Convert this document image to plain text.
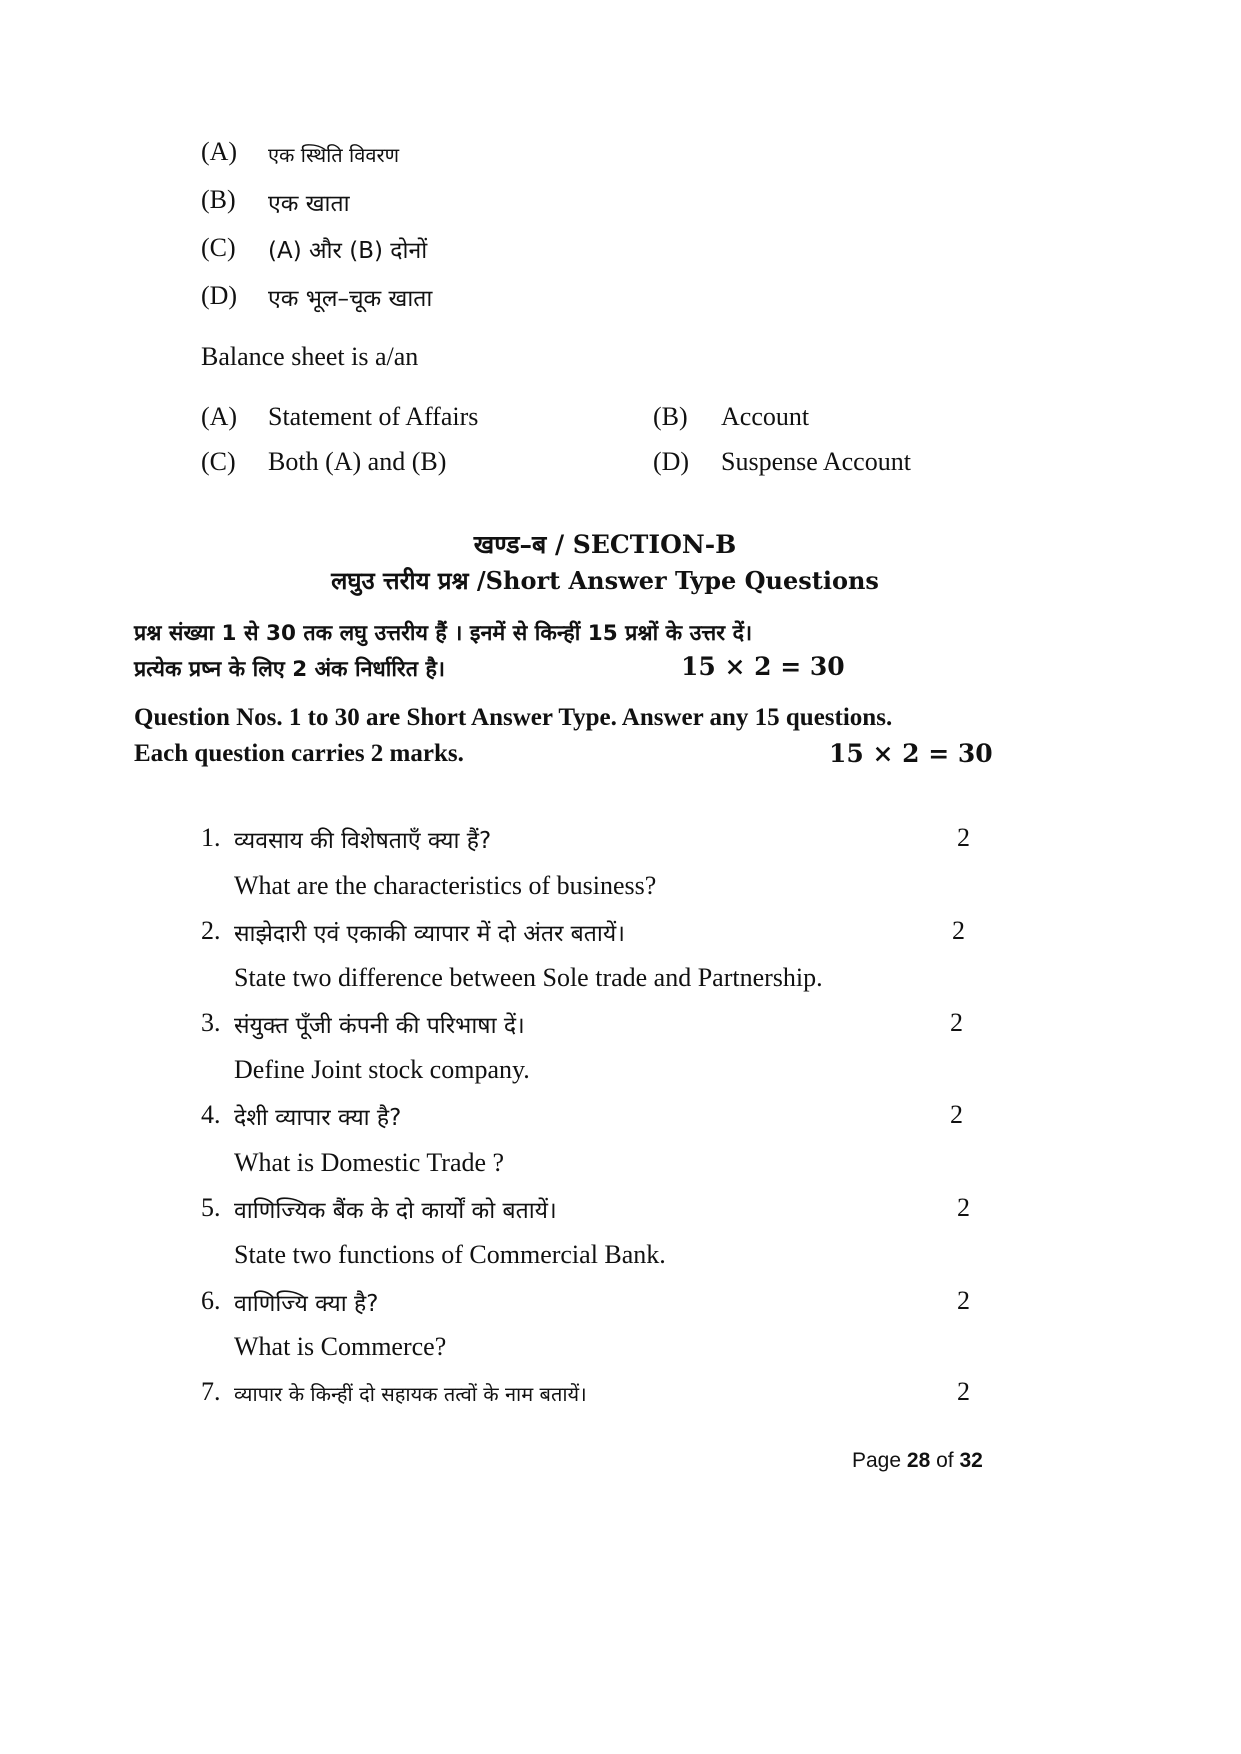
(A) एक स्थिति विवरण
(B) एक खाता
(C) (A) और (B) दोनों
(D) एक भूल–चूक खाता
Balance sheet is a/an
(A) Statement of Affairs	(B) Account
(C) Both (A) and (B)	(D) Suspense Account
खण्ड–ब / SECTION-B
लघुउ त्तरीय प्रश्न /Short Answer Type Questions
प्रश्न संख्या 1 से 30 तक लघु उत्तरीय हैं । इनमें से किन्हीं 15 प्रश्नों के उत्तर दें।
प्रत्येक प्रष्न के लिए 2 अंक निर्धारित है।	15 × 2 = 30
Question Nos. 1 to 30 are Short Answer Type. Answer any 15 questions.
Each question carries 2 marks.	15 × 2 = 30
1. व्यवसाय की विशेषताएँ क्या हैं?	2
What are the characteristics of business?
2. साझेदारी एवं एकाकी व्यापार में दो अंतर बतायें।	2
State two difference between Sole trade and Partnership.
3. संयुक्त पूँजी कंपनी की परिभाषा दें।	2
Define Joint stock company.
4. देशी व्यापार क्या है?	2
What is Domestic Trade ?
5. वाणिज्यिक बैंक के दो कार्यों को बतायें।	2
State two functions of Commercial Bank.
6. वाणिज्यि क्या है?	2
What is Commerce?
7. व्यापार के किन्हीं दो सहायक तत्वों के नाम बतायें।	2
Page 28 of 32
